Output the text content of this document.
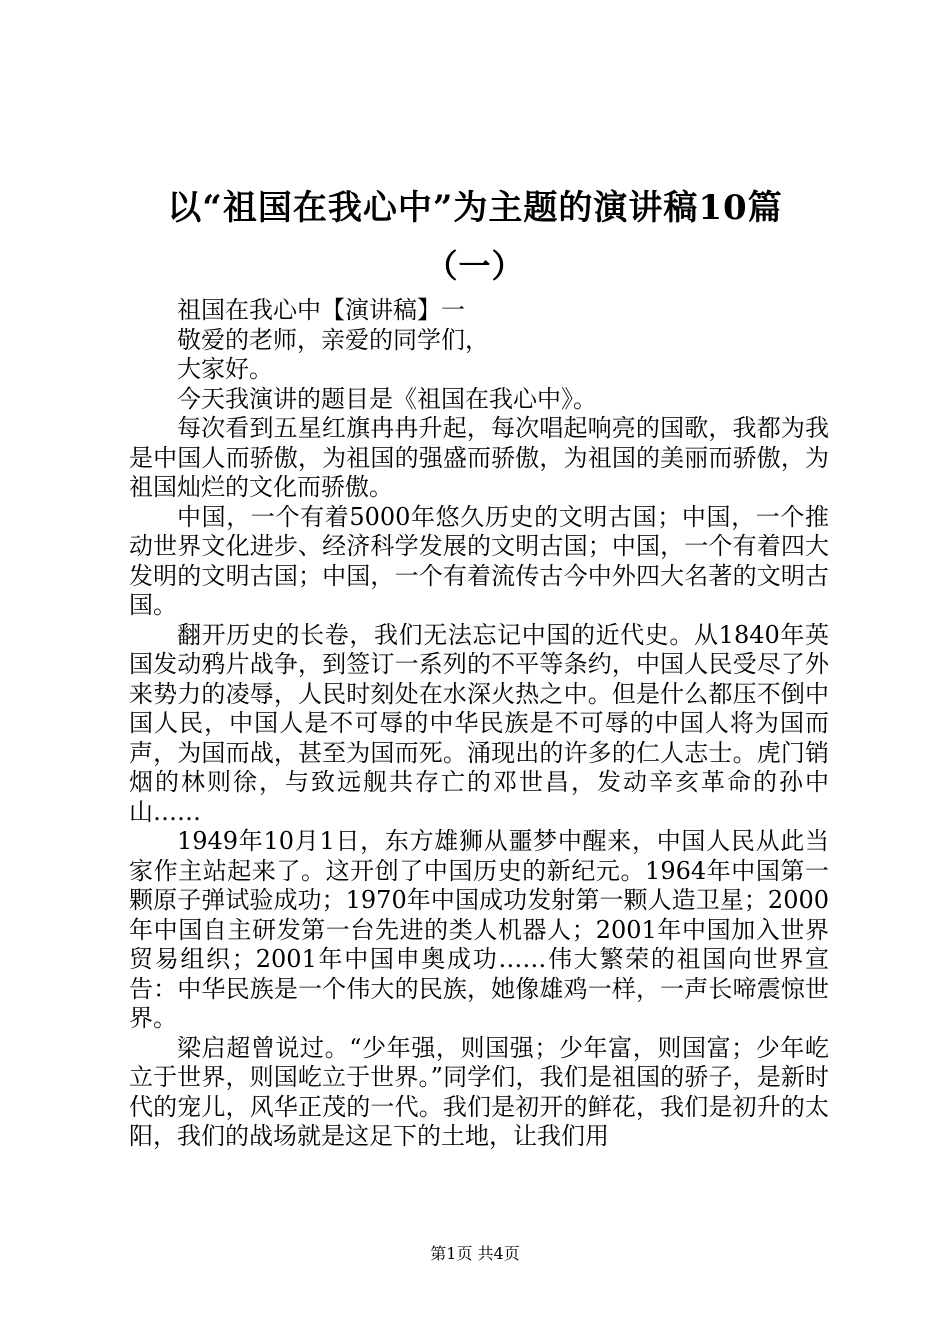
以“祖国在我心中”为主题的演讲稿10篇
（一）

祖国在我心中【演讲稿】一

敬爱的老师，亲爱的同学们，

大家好。

今天我演讲的题目是《祖国在我心中》。

每次看到五星红旗冉冉升起，每次唱起响亮的国歌，我都为我是中国人而骄傲，为祖国的强盛而骄傲，为祖国的美丽而骄傲，为祖国灿烂的文化而骄傲。

中国，一个有着5000年悠久历史的文明古国；中国，一个推动世界文化进步、经济科学发展的文明古国；中国，一个有着四大发明的文明古国；中国，一个有着流传古今中外四大名著的文明古国。

翻开历史的长卷，我们无法忘记中国的近代史。从1840年英国发动鸦片战争，到签订一系列的不平等条约，中国人民受尽了外来势力的凌辱，人民时刻处在水深火热之中。但是什么都压不倒中国人民，中国人是不可辱的中华民族是不可辱的中国人将为国而声，为国而战，甚至为国而死。涌现出的许多的仁人志士。虎门销烟的林则徐，与致远舰共存亡的邓世昌，发动辛亥革命的孙中山……

1949年10月1日，东方雄狮从噩梦中醒来，中国人民从此当家作主站起来了。这开创了中国历史的新纪元。1964年中国第一颗原子弹试验成功；1970年中国成功发射第一颗人造卫星；2000年中国自主研发第一台先进的类人机器人；2001年中国加入世界贸易组织；2001年中国申奥成功……伟大繁荣的祖国向世界宣告：中华民族是一个伟大的民族，她像雄鸡一样，一声长啼震惊世界。

梁启超曾说过。“少年强，则国强；少年富，则国富；少年屹立于世界，则国屹立于世界。”同学们，我们是祖国的骄子，是新时代的宠儿，风华正茂的一代。我们是初开的鲜花，我们是初升的太阳，我们的战场就是这足下的土地，让我们用

第1页 共4页
